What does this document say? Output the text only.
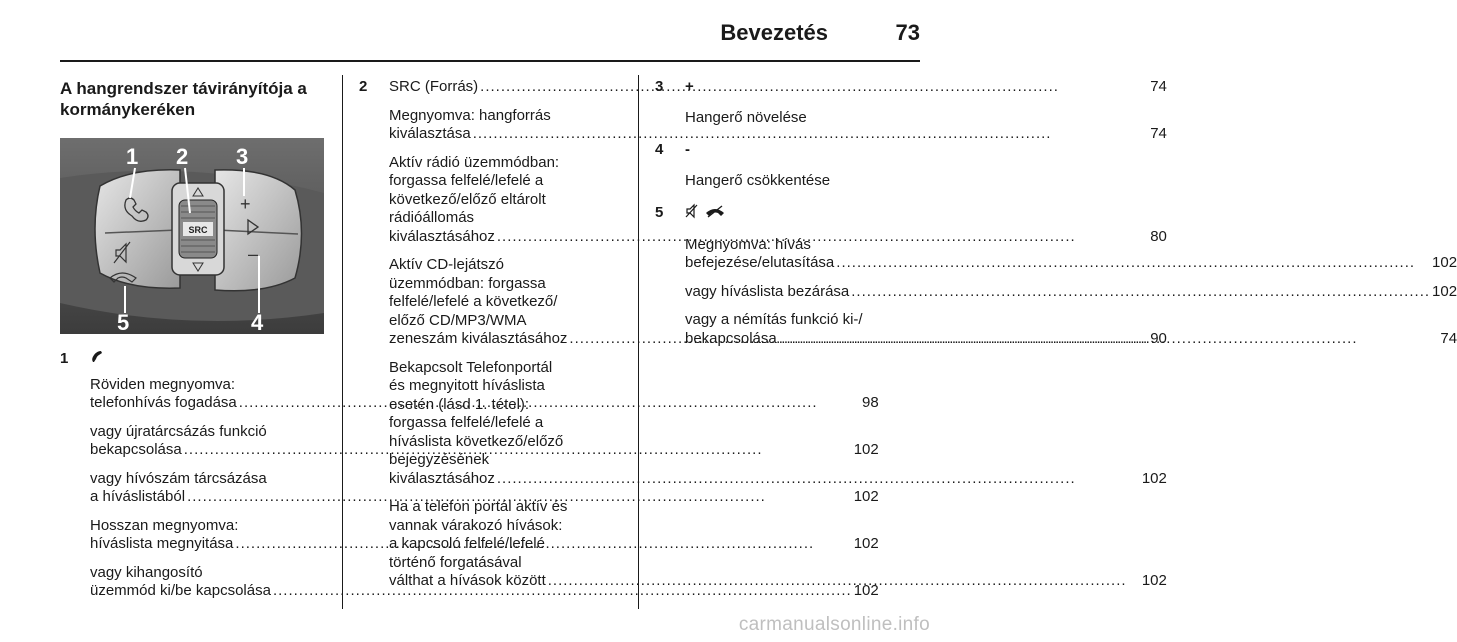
Bevezetés	73
A hangrendszer távirányítója a kormánykeréken
SRC
+
–
1 2 3
4
5
1
Röviden megnyomva:
telefonhívás fogadása .....	98
vagy újratárcsázás funkció
bekapcsolása .....	102
vagy hívószám tárcsázása
a híváslistából .....	102
Hosszan megnyomva:
híváslista megnyitása .....	102
vagy kihangosító
üzemmód ki/be kapcsolása .....	102
2	SRC (Forrás) .....	74
Megnyomva: hangforrás
kiválasztása .....	74
Aktív rádió üzemmódban:
forgassa felfelé/lefelé a
következő/előző eltárolt
rádióállomás
kiválasztásához .....	80
Aktív CD-lejátszó
üzemmódban: forgassa
felfelé/lefelé a következő/
előző CD/MP3/WMA
zeneszám kiválasztásához .....	90
Bekapcsolt Telefonportál
és megnyitott híváslista
esetén (lásd 1. tétel):
forgassa felfelé/lefelé a
híváslista következő/előző
bejegyzésének
kiválasztásához .....	102
Ha a telefon portál aktív és
vannak várakozó hívások:
a kapcsoló felfelé/lefelé
történő forgatásával
válthat a hívások között .....	102
3	+
Hangerő növelése
4	-
Hangerő csökkentése
5

Megnyomva: hívás
befejezése/elutasítása .....	102
vagy híváslista bezárása .....	102
vagy a némítás funkció ki-/
bekapcsolása .....	74
carmanualsonline.info
